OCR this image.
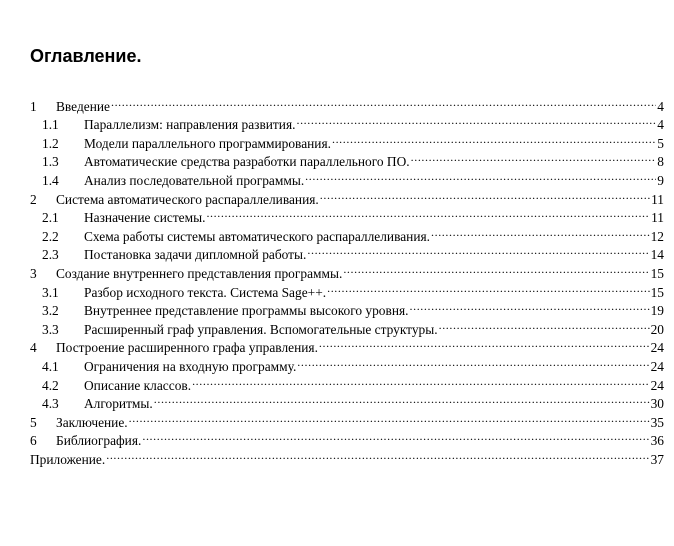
Оглавление.
1	Введение .....	4
1.1	Параллелизм: направления развития. .....	4
1.2	Модели параллельного программирования. .....	5
1.3	Автоматические средства разработки параллельного ПО. .....	8
1.4	Анализ последовательной программы. .....	9
2	Система автоматического распараллеливания. .....	11
2.1	Назначение системы. .....	11
2.2	Схема работы системы автоматического распараллеливания. .....	12
2.3	Постановка задачи дипломной работы. .....	14
3	Создание внутреннего представления программы. .....	15
3.1	Разбор исходного текста. Система Sage++. .....	15
3.2	Внутреннее представление программы высокого уровня. .....	19
3.3	Расширенный граф управления. Вспомогательные структуры. .....	20
4	Построение расширенного графа управления. .....	24
4.1	Ограничения на входную программу. .....	24
4.2	Описание классов. .....	24
4.3	Алгоритмы. .....	30
5	Заключение. .....	35
6	Библиография. .....	36
Приложение. .....	37
